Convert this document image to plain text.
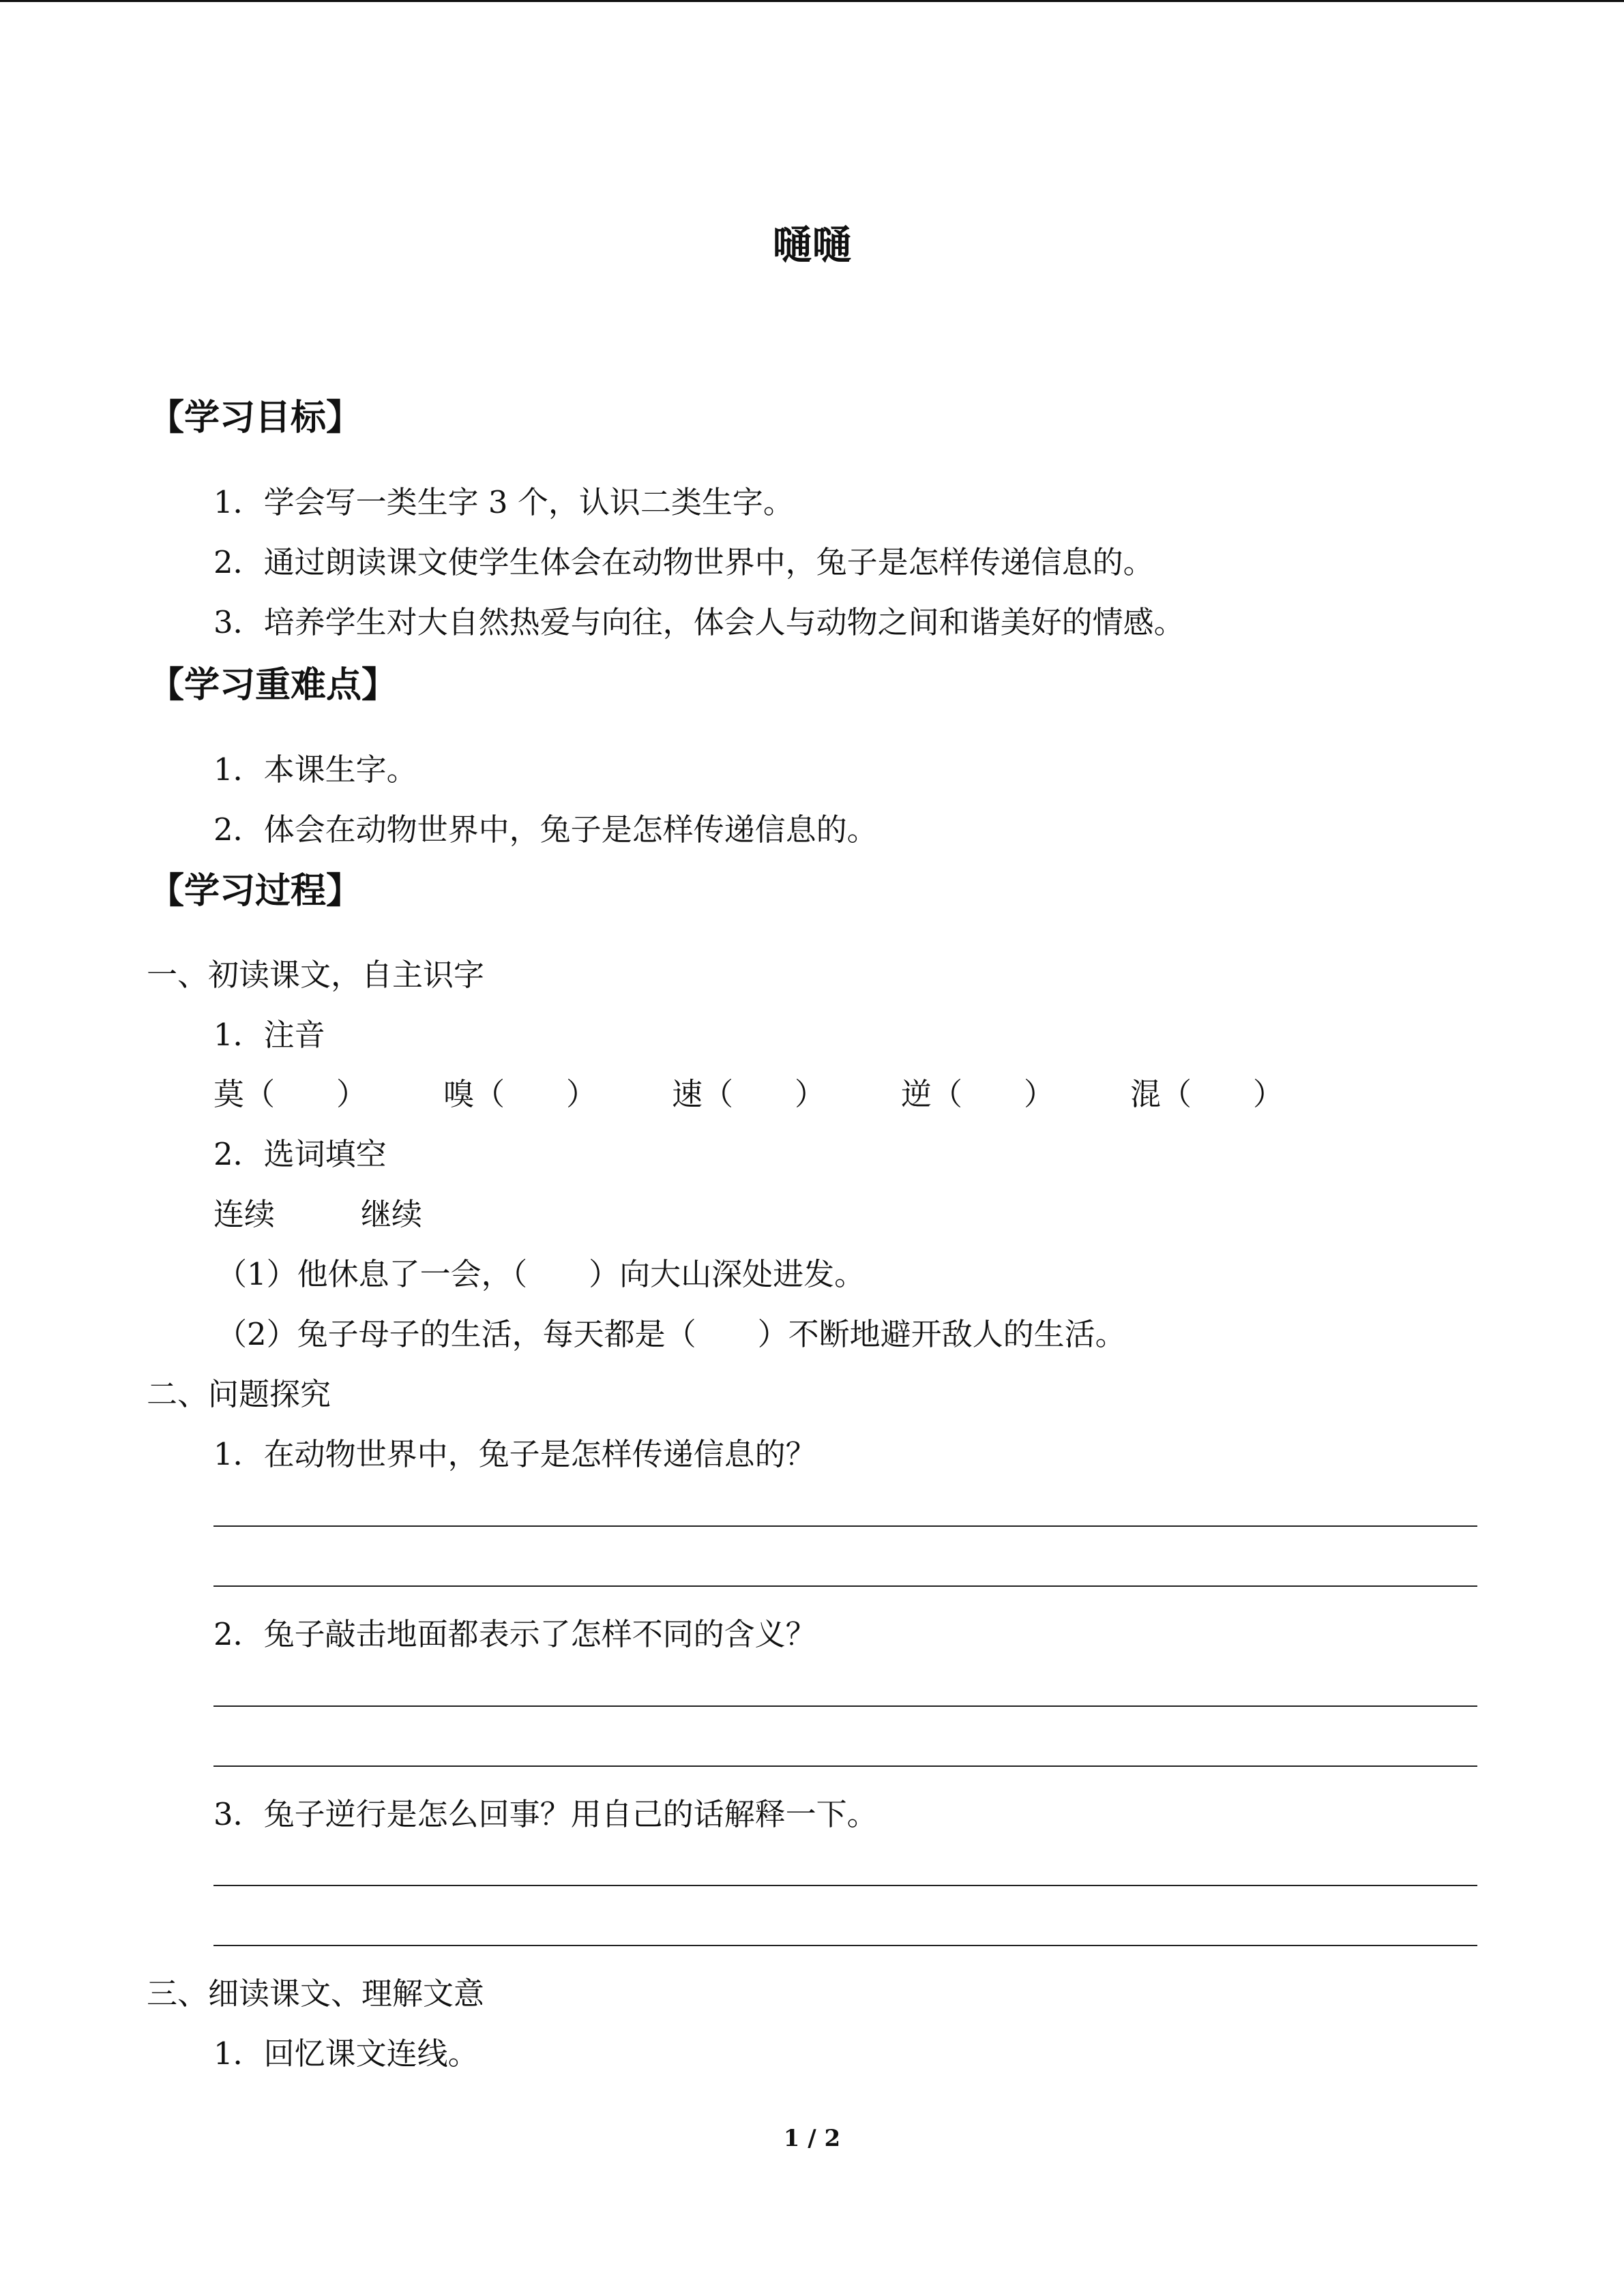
嗵嗵
【学习目标】
1．学会写一类生字 3 个，认识二类生字。
2．通过朗读课文使学生体会在动物世界中，兔子是怎样传递信息的。
3．培养学生对大自然热爱与向往，体会人与动物之间和谐美好的情感。
【学习重难点】
1．本课生字。
2．体会在动物世界中，兔子是怎样传递信息的。
【学习过程】
一、初读课文，自主识字
1．注音
莫（　　） 嗅（　　） 速（　　） 逆（　　） 混（　　）
2．选词填空
连续	继续
（1）他休息了一会，（　　）向大山深处进发。
（2）兔子母子的生活，每天都是（　　）不断地避开敌人的生活。
二、问题探究
1．在动物世界中，兔子是怎样传递信息的？
2．兔子敲击地面都表示了怎样不同的含义？
3．兔子逆行是怎么回事？用自己的话解释一下。
三、细读课文、理解文意
1．回忆课文连线。
1 / 2
